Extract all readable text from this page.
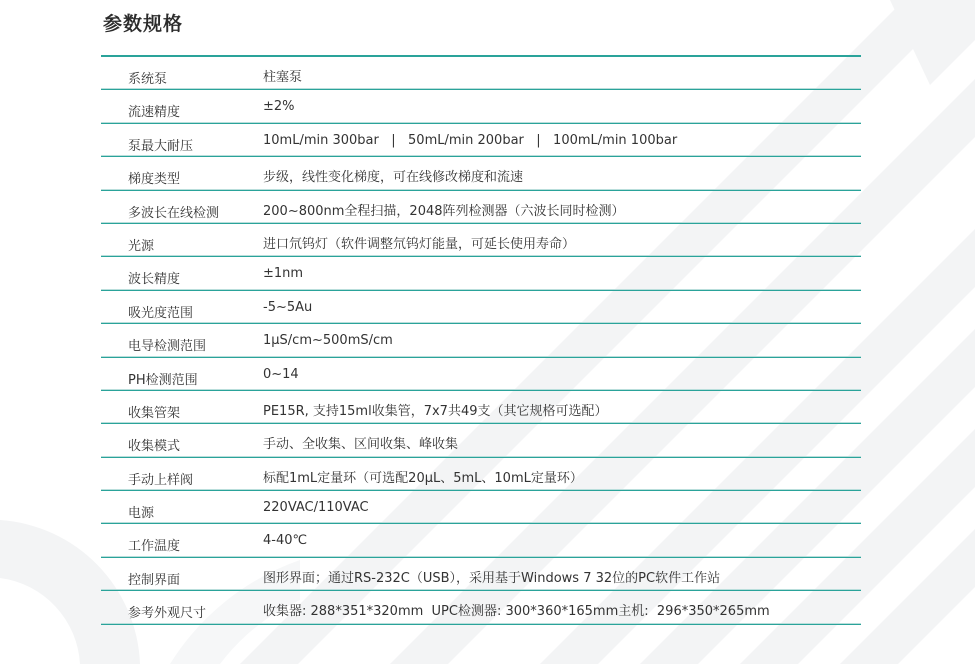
参数规格
系统泵	柱塞泵
流速精度	±2%
泵最大耐压	10mL/min 300bar   |   50mL/min 200bar   |   100mL/min 100bar
梯度类型	步级，线性变化梯度，可在线修改梯度和流速
多波长在线检测	200~800nm全程扫描，2048阵列检测器（六波长同时检测）
光源	进口氘钨灯（软件调整氘钨灯能量，可延长使用寿命）
波长精度	±1nm
吸光度范围	-5~5Au
电导检测范围	1μS/cm~500mS/cm
PH检测范围	0~14
收集管架	PE15R, 支持15ml收集管，7x7共49支（其它规格可选配）
收集模式	手动、全收集、区间收集、峰收集
手动上样阀	标配1mL定量环（可选配20μL、5mL、10mL定量环）
电源	220VAC/110VAC
工作温度	4-40℃
控制界面	图形界面；通过RS-232C（USB），采用基于Windows 7 32位的PC软件工作站
参考外观尺寸	收集器: 288*351*320mm  UPC检测器: 300*360*165mm主机:  296*350*265mm
